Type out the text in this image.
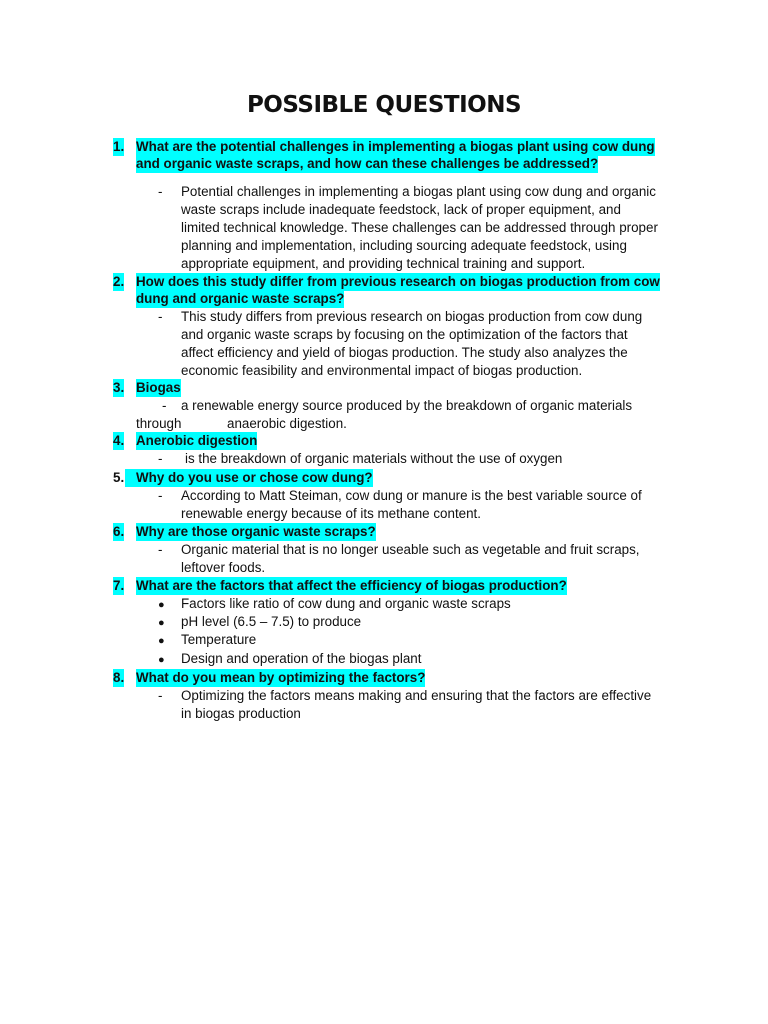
POSSIBLE QUESTIONS
1. What are the potential challenges in implementing a biogas plant using cow dung
and organic waste scraps, and how can these challenges be addressed?
- Potential challenges in implementing a biogas plant using cow dung and organic
waste scraps include inadequate feedstock, lack of proper equipment, and
limited technical knowledge. These challenges can be addressed through proper
planning and implementation, including sourcing adequate feedstock, using
appropriate equipment, and providing technical training and support.
2. How does this study differ from previous research on biogas production from cow
dung and organic waste scraps?
- This study differs from previous research on biogas production from cow dung
and organic waste scraps by focusing on the optimization of the factors that
affect efficiency and yield of biogas production. The study also analyzes the
economic feasibility and environmental impact of biogas production.
3. Biogas
- a renewable energy source produced by the breakdown of organic materials
through	anaerobic digestion.
4. Anerobic digestion
- is the breakdown of organic materials without the use of oxygen
5. Why do you use or chose cow dung?
- According to Matt Steiman, cow dung or manure is the best variable source of
renewable energy because of its methane content.
6. Why are those organic waste scraps?
- Organic material that is no longer useable such as vegetable and fruit scraps,
leftover foods.
7. What are the factors that affect the efficiency of biogas production?
● Factors like ratio of cow dung and organic waste scraps
● pH level (6.5 – 7.5) to produce
● Temperature
● Design and operation of the biogas plant
8. What do you mean by optimizing the factors?
- Optimizing the factors means making and ensuring that the factors are effective
in biogas production
